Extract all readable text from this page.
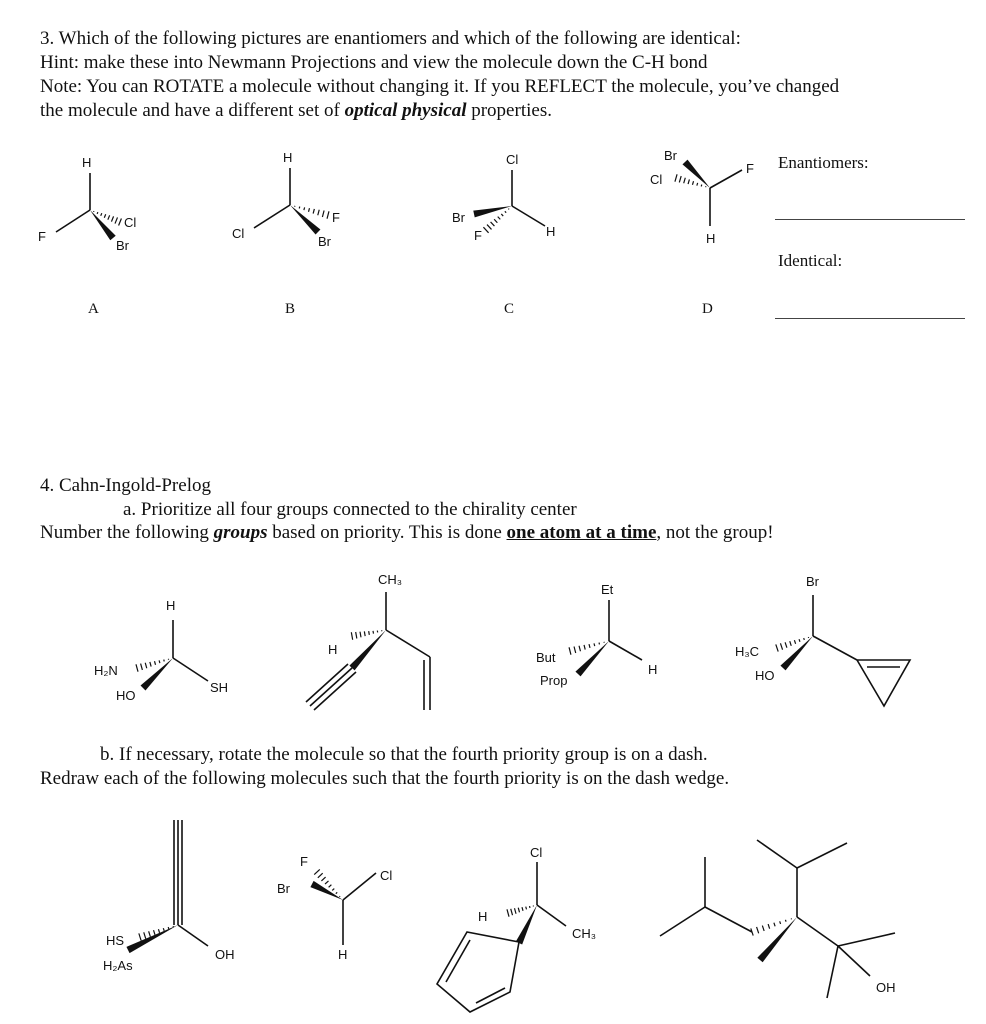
3. Which of the following pictures are enantiomers and which of the following are identical:
Hint: make these into Newmann Projections and view the molecule down the C-H bond
Note: You can ROTATE a molecule without changing it. If you REFLECT the molecule, you’ve changed
the molecule and have a different set of optical physical properties.
Enantiomers:
Identical:
4. Cahn-Ingold-Prelog
a. Prioritize all four groups connected to the chirality center
Number the following groups based on priority. This is done one atom at a time, not the group!
b. If necessary, rotate the molecule so that the fourth priority group is on a dash.
Redraw each of the following molecules such that the fourth priority is on the dash wedge.
H
F
Cl
Br
A
H
Cl
F
Br
B
Cl
Br
F	H
C
Br
Cl
F
H
D
H
H₂N
HO
SH
CH₃
H
Et
But
Prop
H
Br
H₃C
HO
HS
H₂As
OH
F
Br
Cl
H
Cl
H
CH₃
OH
